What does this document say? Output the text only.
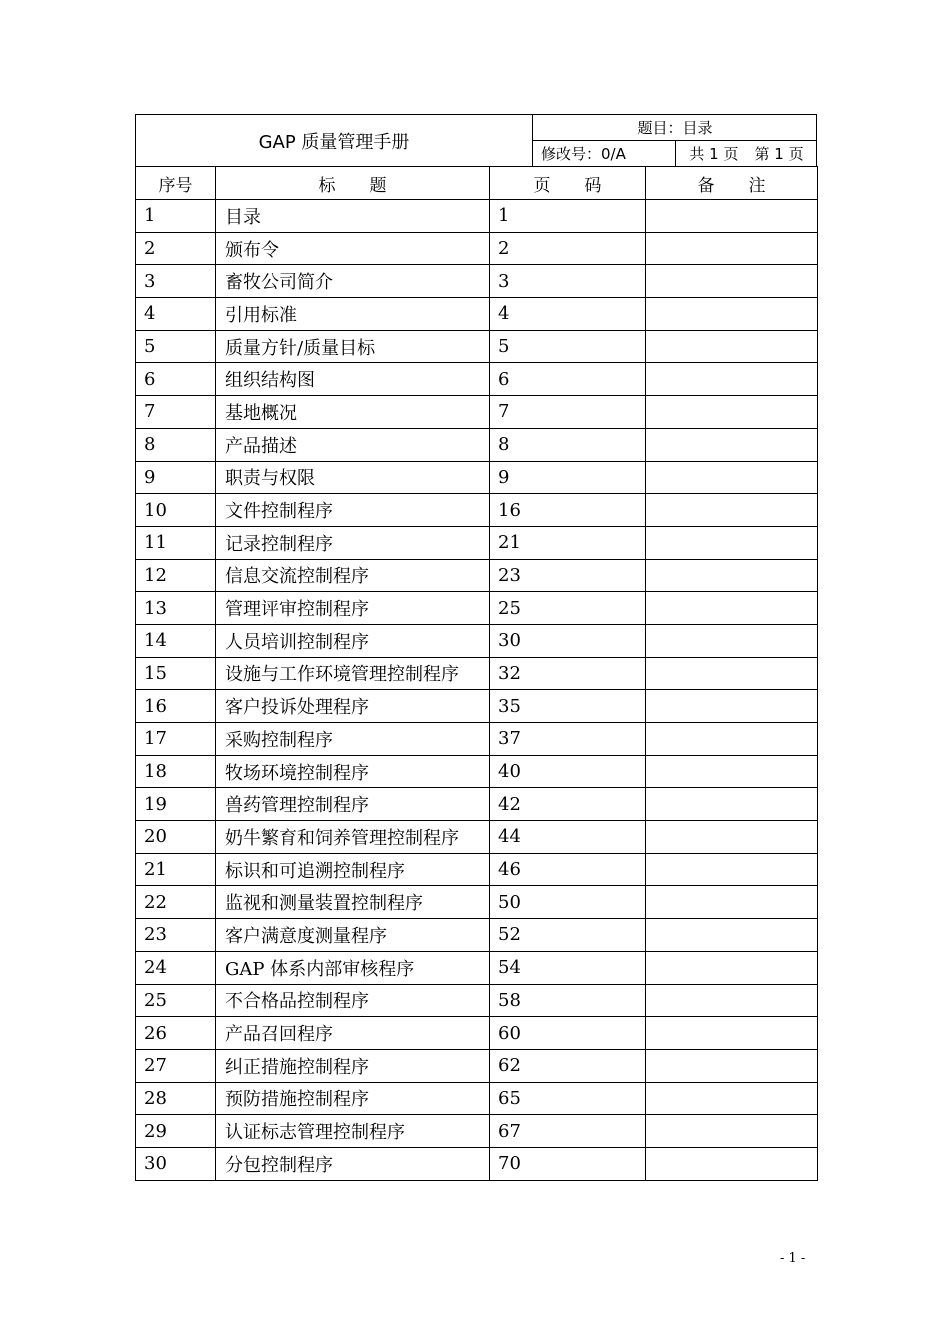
GAP 质量管理手册
题目：目录
修改号：0/A	共 1 页 第 1 页
序号	标　　题	页　　码	备　　注
1	目录	1	
2	颁布令	2	
3	畜牧公司简介	3	
4	引用标准	4	
5	质量方针/质量目标	5	
6	组织结构图	6	
7	基地概况	7	
8	产品描述	8	
9	职责与权限	9	
10	文件控制程序	16	
11	记录控制程序	21	
12	信息交流控制程序	23	
13	管理评审控制程序	25	
14	人员培训控制程序	30	
15	设施与工作环境管理控制程序	32	
16	客户投诉处理程序	35	
17	采购控制程序	37	
18	牧场环境控制程序	40	
19	兽药管理控制程序	42	
20	奶牛繁育和饲养管理控制程序	44	
21	标识和可追溯控制程序	46	
22	监视和测量装置控制程序	50	
23	客户满意度测量程序	52	
24	GAP 体系内部审核程序	54	
25	不合格品控制程序	58	
26	产品召回程序	60	
27	纠正措施控制程序	62	
28	预防措施控制程序	65	
29	认证标志管理控制程序	67	
30	分包控制程序	70	
- 1 -
